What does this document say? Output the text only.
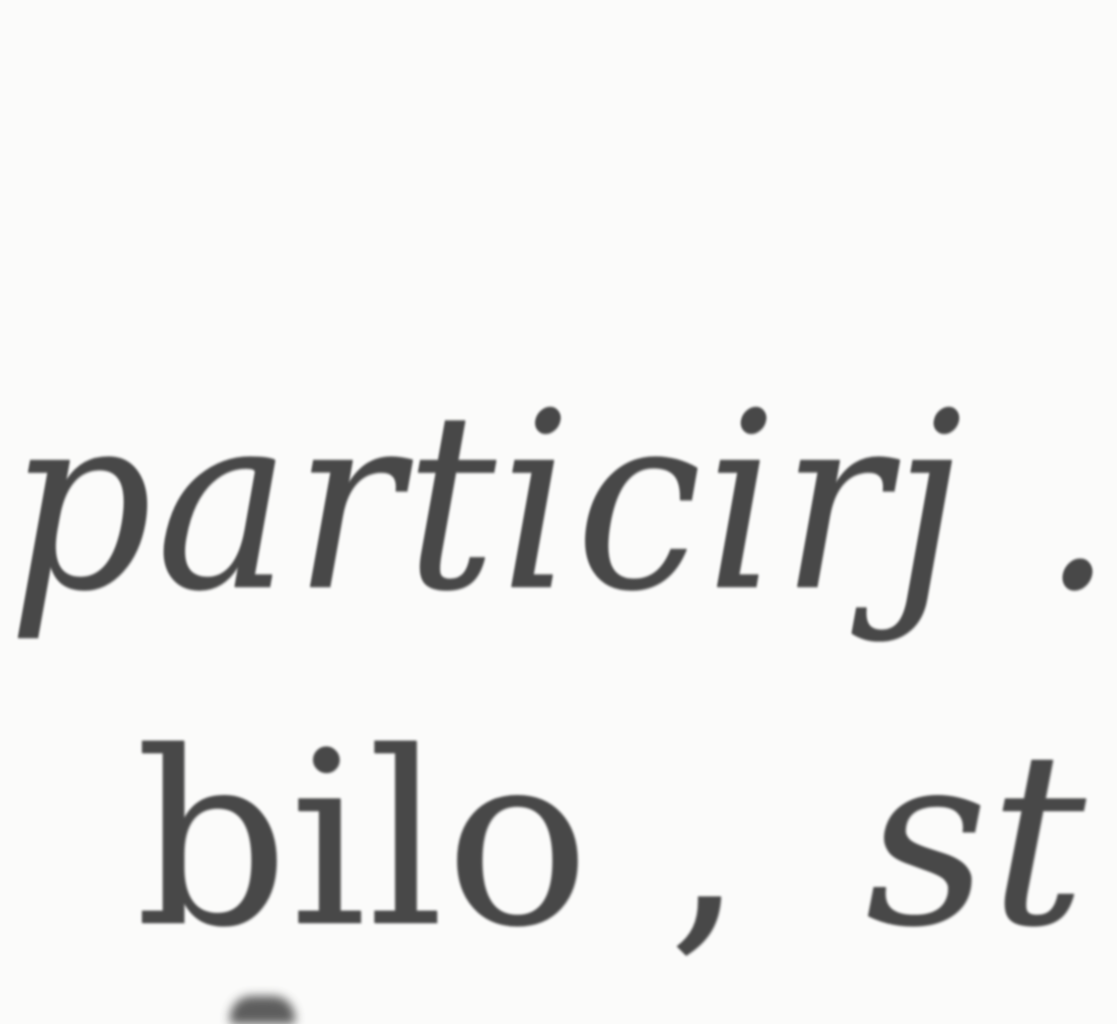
particirj .

bilo , st
